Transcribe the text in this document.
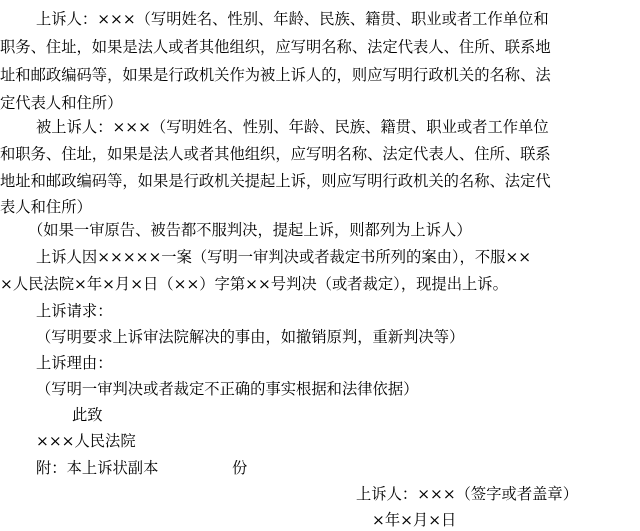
上诉人：×××（写明姓名、性别、年龄、民族、籍贯、职业或者工作单位和
职务、住址，如果是法人或者其他组织，应写明名称、法定代表人、住所、联系地
址和邮政编码等，如果是行政机关作为被上诉人的，则应写明行政机关的名称、法
定代表人和住所）
被上诉人：×××（写明姓名、性别、年龄、民族、籍贯、职业或者工作单位
和职务、住址，如果是法人或者其他组织，应写明名称、法定代表人、住所、联系
地址和邮政编码等，如果是行政机关提起上诉，则应写明行政机关的名称、法定代
表人和住所）
（如果一审原告、被告都不服判决，提起上诉，则都列为上诉人）
上诉人因×××××一案（写明一审判决或者裁定书所列的案由），不服××
×人民法院×年×月×日（××）字第××号判决（或者裁定），现提出上诉。
上诉请求：
（写明要求上诉审法院解决的事由，如撤销原判，重新判决等）
上诉理由：
（写明一审判决或者裁定不正确的事实根据和法律依据）
此致
×××人民法院
附：本上诉状副本	份
上诉人：×××（签字或者盖章）
×年×月×日
